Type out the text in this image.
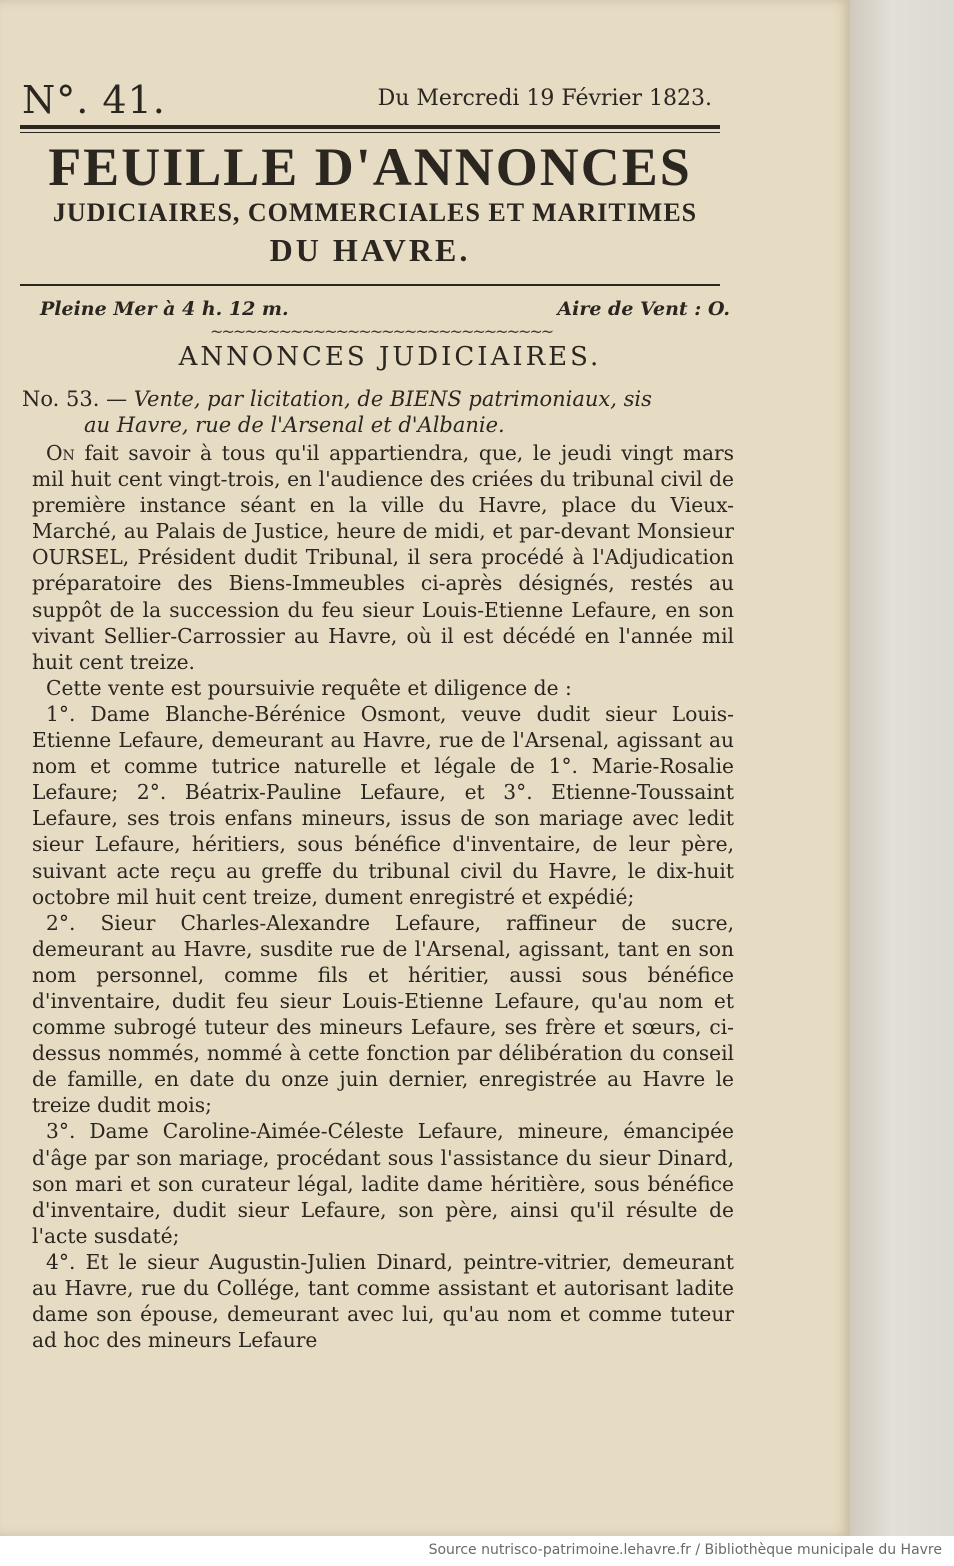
N°. 41.	Du Mercredi 19 Février 1823.
FEUILLE D'ANNONCES
JUDICIAIRES, COMMERCIALES ET MARITIMES
DU HAVRE.
Pleine Mer à 4 h. 12 m.	Aire de Vent : O.
~~~~~~~~~~~~~~~~~~~~~~~~~~~~~~
ANNONCES JUDICIAIRES.
No. 53. — Vente, par licitation, de BIENS patrimoniaux, sis
au Havre, rue de l'Arsenal et d'Albanie.

On fait savoir à tous qu'il appartiendra, que, le jeudi vingt mars mil huit cent vingt-trois, en l'audience des criées du tribunal civil de première instance séant en la ville du Havre, place du Vieux-Marché, au Palais de Justice, heure de midi, et par-devant Monsieur OURSEL, Président dudit Tribunal, il sera procédé à l'Adjudication préparatoire des Biens-Immeubles ci-après désignés, restés au suppôt de la succession du feu sieur Louis-Etienne Lefaure, en son vivant Sellier-Carrossier au Havre, où il est décédé en l'année mil huit cent treize.

Cette vente est poursuivie requête et diligence de :

1°. Dame Blanche-Bérénice Osmont, veuve dudit sieur Louis-Etienne Lefaure, demeurant au Havre, rue de l'Arsenal, agissant au nom et comme tutrice naturelle et légale de 1°. Marie-Rosalie Lefaure; 2°. Béatrix-Pauline Lefaure, et 3°. Etienne-Toussaint Lefaure, ses trois enfans mineurs, issus de son mariage avec ledit sieur Lefaure, héritiers, sous bénéfice d'inventaire, de leur père, suivant acte reçu au greffe du tribunal civil du Havre, le dix-huit octobre mil huit cent treize, dument enregistré et expédié;

2°. Sieur Charles-Alexandre Lefaure, raffineur de sucre, demeurant au Havre, susdite rue de l'Arsenal, agissant, tant en son nom personnel, comme fils et héritier, aussi sous bénéfice d'inventaire, dudit feu sieur Louis-Etienne Lefaure, qu'au nom et comme subrogé tuteur des mineurs Lefaure, ses frère et sœurs, ci-dessus nommés, nommé à cette fonction par délibération du conseil de famille, en date du onze juin dernier, enregistrée au Havre le treize dudit mois;

3°. Dame Caroline-Aimée-Céleste Lefaure, mineure, émancipée d'âge par son mariage, procédant sous l'assistance du sieur Dinard, son mari et son curateur légal, ladite dame héritière, sous bénéfice d'inventaire, dudit sieur Lefaure, son père, ainsi qu'il résulte de l'acte susdaté;

4°. Et le sieur Augustin-Julien Dinard, peintre-vitrier, demeurant au Havre, rue du Collége, tant comme assistant et autorisant ladite dame son épouse, demeurant avec lui, qu'au nom et comme tuteur ad hoc des mineurs Lefaure

Source nutrisco-patrimoine.lehavre.fr / Bibliothèque municipale du Havre
